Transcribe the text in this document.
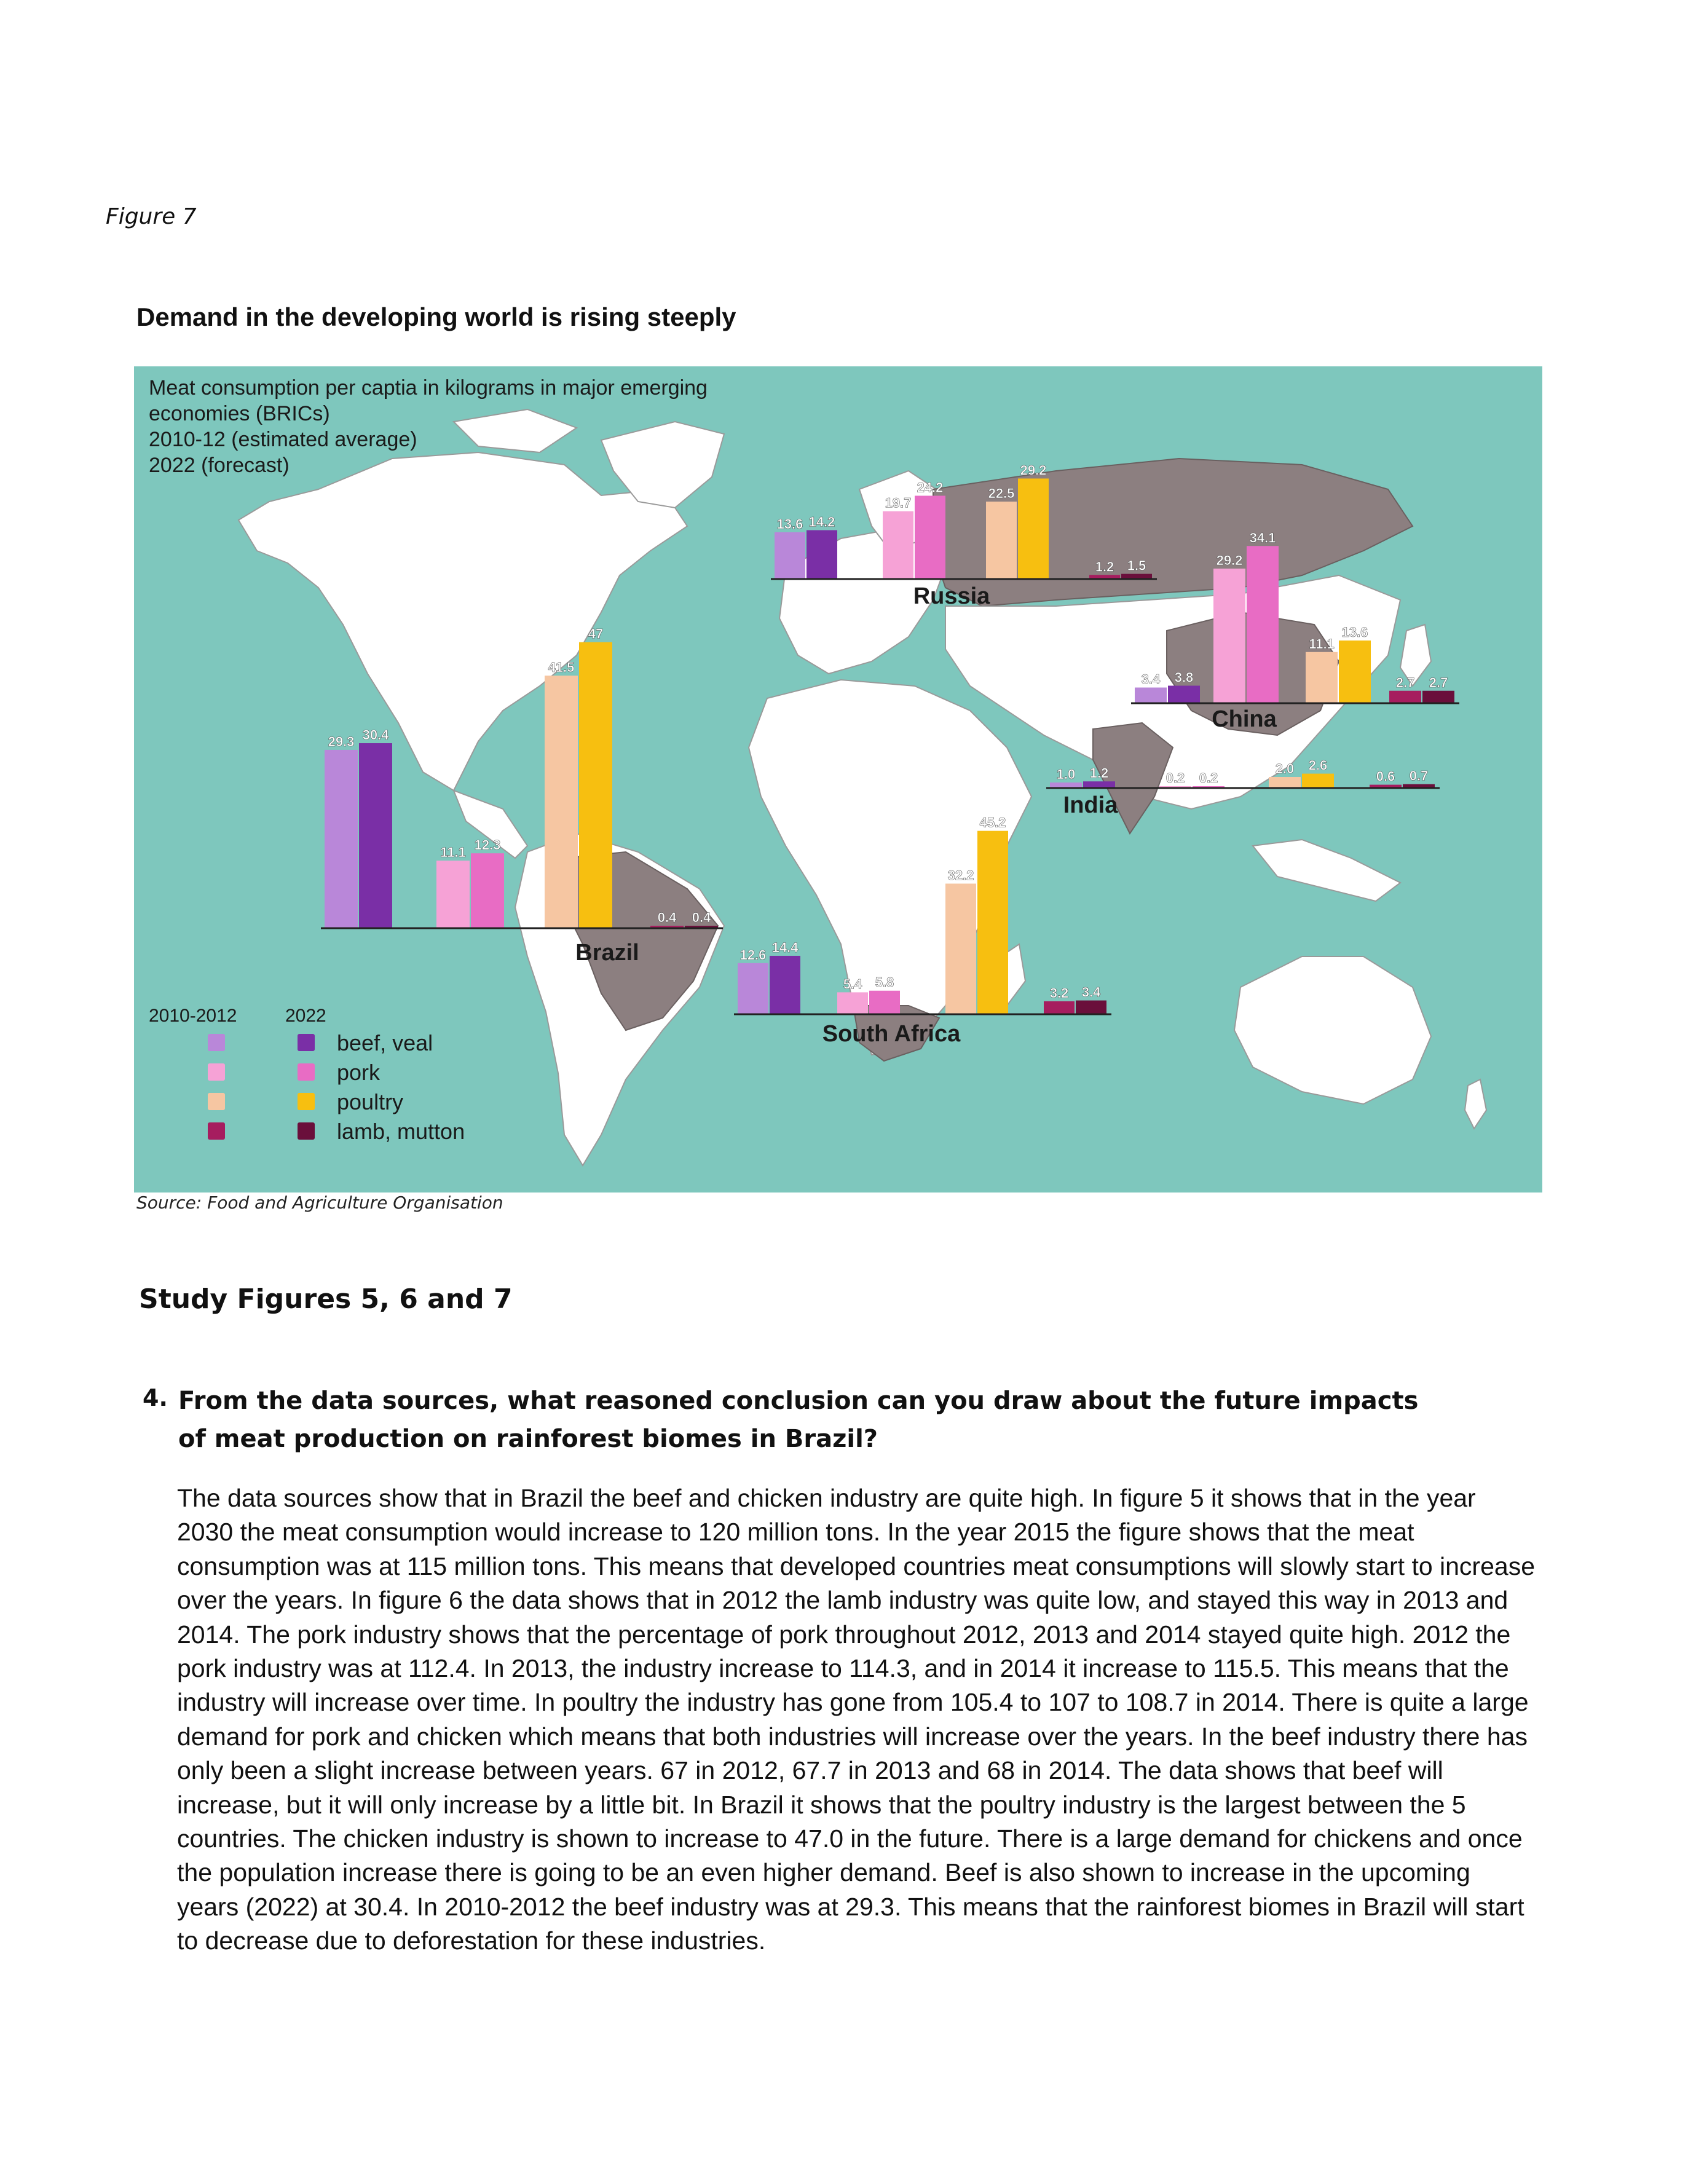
Figure 7
Demand in the developing world is rising steeply
29.3 30.4
11.1 12.3
41.5
47
0.4 0.4
Brazil
13.6 14.2
19.7
24.2	22.5
29.2
1.2 1.5
Russia
12.6 14.4
5.4 5.8
32.2
45.2
3.2 3.4
South Africa
3.4 3.8
29.2
34.1
11.1
13.6
2.7 2.7
China
1.0 1.2	0.2 0.2
2.0 2.6
0.6 0.7
India
Meat consumption per captia in kilograms in major emerging
economies (BRICs)
2010-12 (estimated average)
2022 (forecast)
2010-2012	2022
beef, veal
pork
poultry
lamb, mutton
Source: Food and Agriculture Organisation
Study Figures 5, 6 and 7
4. From the data sources, what reasoned conclusion can you draw about the future impacts of meat production on rainforest biomes in Brazil?
The data sources show that in Brazil the beef and chicken industry are quite high. In figure 5 it shows that in the year 2030 the meat consumption would increase to 120 million tons. In the year 2015 the figure shows that the meat consumption was at 115 million tons. This means that developed countries meat consumptions will slowly start to increase over the years. In figure 6 the data shows that in 2012 the lamb industry was quite low, and stayed this way in 2013 and 2014. The pork industry shows that the percentage of pork throughout 2012, 2013 and 2014 stayed quite high. 2012 the pork industry was at 112.4. In 2013, the industry increase to 114.3, and in 2014 it increase to 115.5. This means that the industry will increase over time. In poultry the industry has gone from 105.4 to 107 to 108.7 in 2014. There is quite a large demand for pork and chicken which means that both industries will increase over the years. In the beef industry there has only been a slight increase between years. 67 in 2012, 67.7 in 2013 and 68 in 2014. The data shows that beef will increase, but it will only increase by a little bit. In Brazil it shows that the poultry industry is the largest between the 5 countries. The chicken industry is shown to increase to 47.0 in the future. There is a large demand for chickens and once the population increase there is going to be an even higher demand. Beef is also shown to increase in the upcoming years (2022) at 30.4. In 2010-2012 the beef industry was at 29.3. This means that the rainforest biomes in Brazil will start to decrease due to deforestation for these industries.
